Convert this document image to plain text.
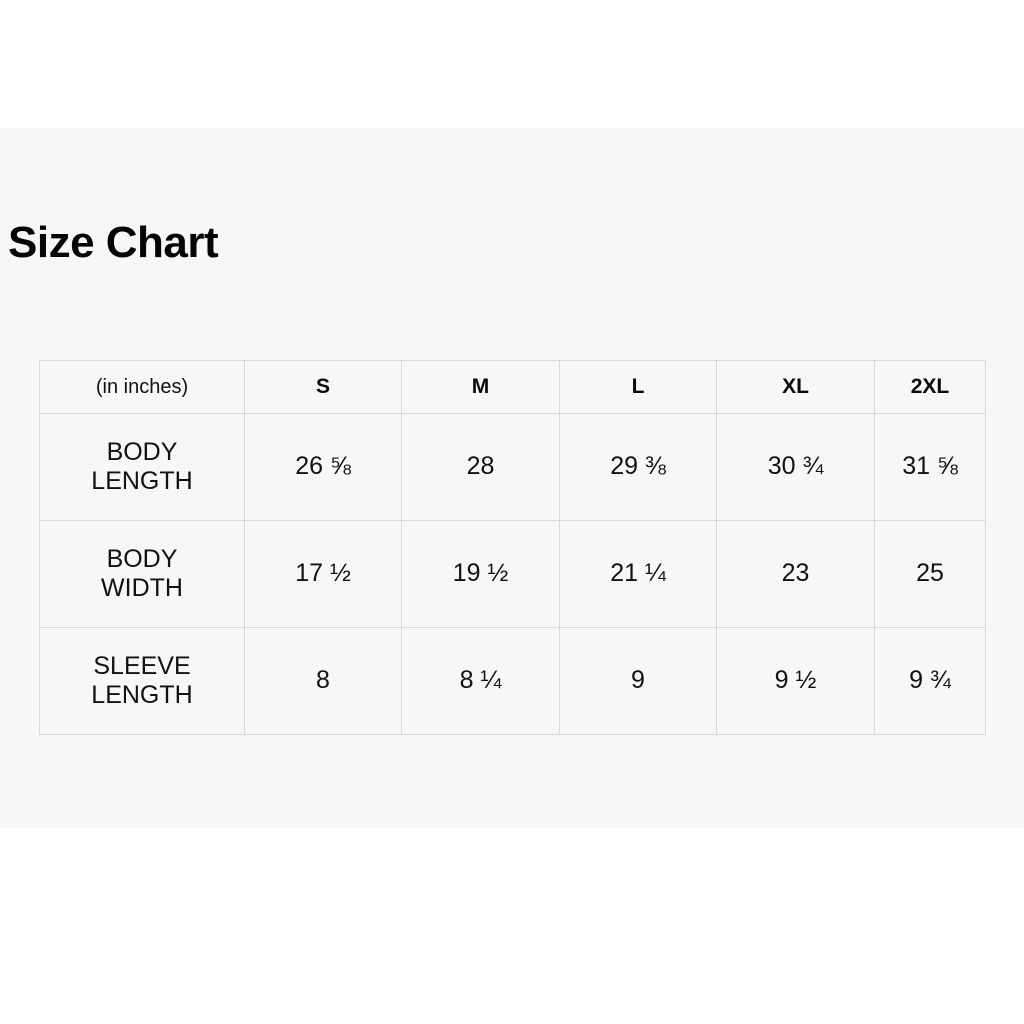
Size Chart
(in inches)	S	M	L	XL	2XL

BODY
LENGTH	26 ⅝	28	29 ⅜	30 ¾	31 ⅝

BODY
WIDTH	17 ½	19 ½	21 ¼	23	25

SLEEVE
LENGTH	8	8 ¼	9	9 ½	9 ¾
